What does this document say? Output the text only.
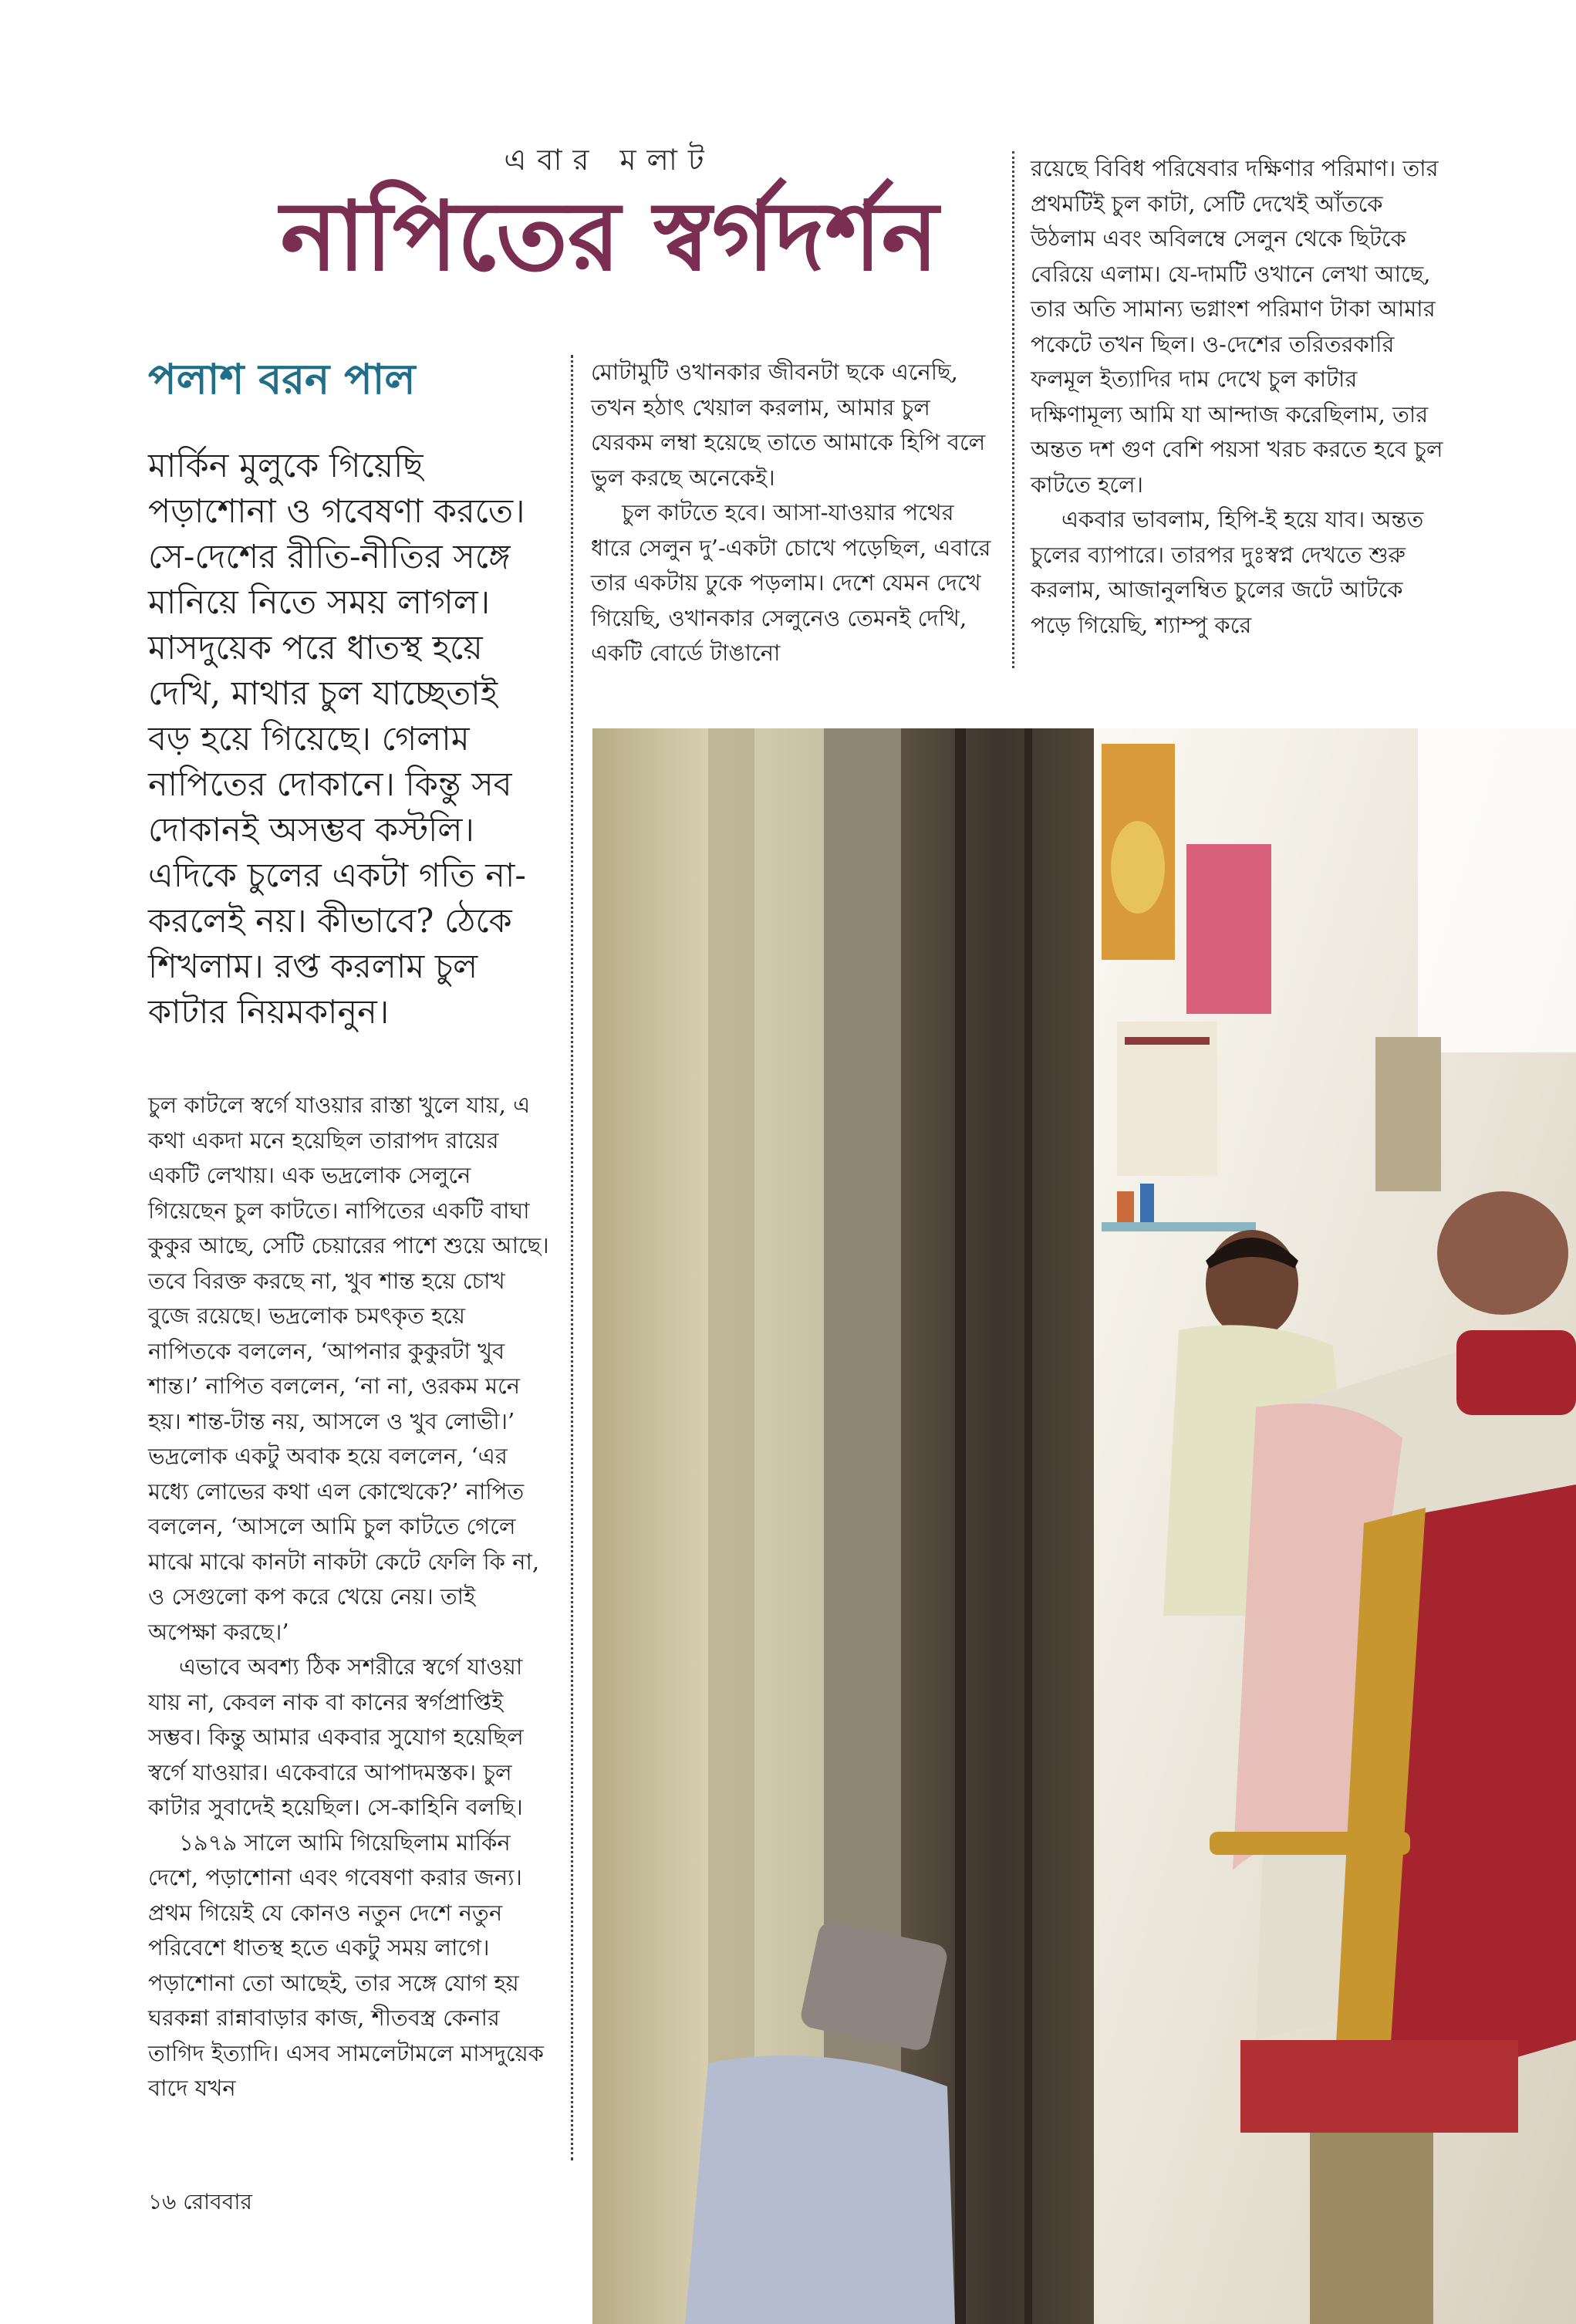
এবার মলাট
নাপিতের স্বর্গদর্শন
পলাশ বরন পাল
মার্কিন মুলুকে গিয়েছি পড়াশোনা ও গবেষণা করতে। সে-দেশের রীতি-নীতির সঙ্গে মানিয়ে নিতে সময় লাগল। মাসদুয়েক পরে ধাতস্থ হয়ে দেখি, মাথার চুল যাচ্ছেতাই বড় হয়ে গিয়েছে। গেলাম নাপিতের দোকানে। কিন্তু সব দোকানই অসম্ভব কস্টলি। এদিকে চুলের একটা গতি না-করলেই নয়। কীভাবে? ঠেকে শিখলাম। রপ্ত করলাম চুল কাটার নিয়মকানুন।

চুল কাটলে স্বর্গে যাওয়ার রাস্তা খুলে যায়, এ কথা একদা মনে হয়েছিল তারাপদ রায়ের একটি লেখায়। এক ভদ্রলোক সেলুনে গিয়েছেন চুল কাটতে। নাপিতের একটি বাঘা কুকুর আছে, সেটি চেয়ারের পাশে শুয়ে আছে। তবে বিরক্ত করছে না, খুব শান্ত হয়ে চোখ বুজে রয়েছে। ভদ্রলোক চমৎকৃত হয়ে নাপিতকে বললেন, ‘আপনার কুকুরটা খুব শান্ত।’ নাপিত বললেন, ‘না না, ওরকম মনে হয়। শান্ত-টান্ত নয়, আসলে ও খুব লোভী।’ ভদ্রলোক একটু অবাক হয়ে বললেন, ‘এর মধ্যে লোভের কথা এল কোত্থেকে?’ নাপিত বললেন, ‘আসলে আমি চুল কাটতে গেলে মাঝে মাঝে কানটা নাকটা কেটে ফেলি কি না, ও সেগুলো কপ করে খেয়ে নেয়। তাই অপেক্ষা করছে।’

এভাবে অবশ্য ঠিক সশরীরে স্বর্গে যাওয়া যায় না, কেবল নাক বা কানের স্বর্গপ্রাপ্তিই সম্ভব। কিন্তু আমার একবার সুযোগ হয়েছিল স্বর্গে যাওয়ার। একেবারে আপাদমস্তক। চুল কাটার সুবাদেই হয়েছিল। সে-কাহিনি বলছি।

১৯৭৯ সালে আমি গিয়েছিলাম মার্কিন দেশে, পড়াশোনা এবং গবেষণা করার জন্য। প্রথম গিয়েই যে কোনও নতুন দেশে নতুন পরিবেশে ধাতস্থ হতে একটু সময় লাগে। পড়াশোনা তো আছেই, তার সঙ্গে যোগ হয় ঘরকন্না রান্নাবাড়ার কাজ, শীতবস্ত্র কেনার তাগিদ ইত্যাদি। এসব সামলেটামলে মাসদুয়েক বাদে যখন

মোটামুটি ওখানকার জীবনটা ছকে এনেছি, তখন হঠাৎ খেয়াল করলাম, আমার চুল যেরকম লম্বা হয়েছে তাতে আমাকে হিপি বলে ভুল করছে অনেকেই।

চুল কাটতে হবে। আসা-যাওয়ার পথের ধারে সেলুন দু’-একটা চোখে পড়েছিল, এবারে তার একটায় ঢুকে পড়লাম। দেশে যেমন দেখে গিয়েছি, ওখানকার সেলুনেও তেমনই দেখি, একটি বোর্ডে টাঙানো

রয়েছে বিবিধ পরিষেবার দক্ষিণার পরিমাণ। তার প্রথমটিই চুল কাটা, সেটি দেখেই আঁতকে উঠলাম এবং অবিলম্বে সেলুন থেকে ছিটকে বেরিয়ে এলাম। যে-দামটি ওখানে লেখা আছে, তার অতি সামান্য ভগ্নাংশ পরিমাণ টাকা আমার পকেটে তখন ছিল। ও-দেশের তরিতরকারি ফলমূল ইত্যাদির দাম দেখে চুল কাটার দক্ষিণামূল্য আমি যা আন্দাজ করেছিলাম, তার অন্তত দশ গুণ বেশি পয়সা খরচ করতে হবে চুল কাটতে হলে।

একবার ভাবলাম, হিপি-ই হয়ে যাব। অন্তত চুলের ব্যাপারে। তারপর দুঃস্বপ্ন দেখতে শুরু করলাম, আজানুলম্বিত চুলের জটে আটকে পড়ে গিয়েছি, শ্যাম্পু করে

১৬ রোববার
